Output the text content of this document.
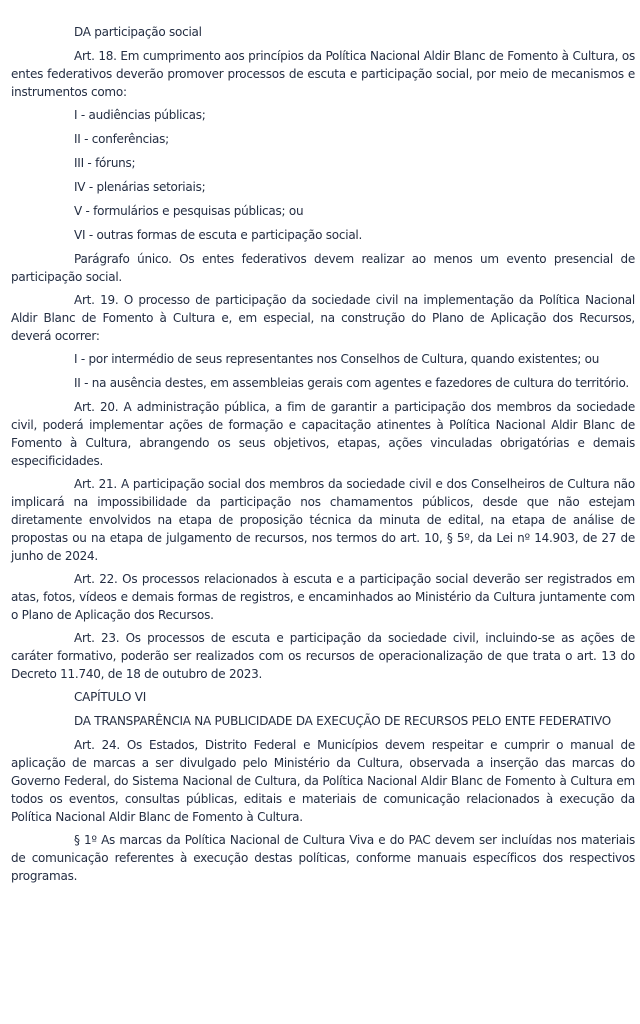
DA participação social

Art. 18. Em cumprimento aos princípios da Política Nacional Aldir Blanc de Fomento à Cultura, os entes federativos deverão promover processos de escuta e participação social, por meio de mecanismos e instrumentos como:

I - audiências públicas;

II - conferências;

III - fóruns;

IV - plenárias setoriais;

V - formulários e pesquisas públicas; ou

VI - outras formas de escuta e participação social.

Parágrafo único. Os entes federativos devem realizar ao menos um evento presencial de participação social.

Art. 19. O processo de participação da sociedade civil na implementação da Política Nacional Aldir Blanc de Fomento à Cultura e, em especial, na construção do Plano de Aplicação dos Recursos, deverá ocorrer:

I - por intermédio de seus representantes nos Conselhos de Cultura, quando existentes; ou

II - na ausência destes, em assembleias gerais com agentes e fazedores de cultura do território.

Art. 20. A administração pública, a fim de garantir a participação dos membros da sociedade civil, poderá implementar ações de formação e capacitação atinentes à Política Nacional Aldir Blanc de Fomento à Cultura, abrangendo os seus objetivos, etapas, ações vinculadas obrigatórias e demais especificidades.

Art. 21. A participação social dos membros da sociedade civil e dos Conselheiros de Cultura não implicará na impossibilidade da participação nos chamamentos públicos, desde que não estejam diretamente envolvidos na etapa de proposição técnica da minuta de edital, na etapa de análise de propostas ou na etapa de julgamento de recursos, nos termos do art. 10, § 5º, da Lei nº 14.903, de 27 de junho de 2024.

Art. 22. Os processos relacionados à escuta e a participação social deverão ser registrados em atas, fotos, vídeos e demais formas de registros, e encaminhados ao Ministério da Cultura juntamente com o Plano de Aplicação dos Recursos.

Art. 23. Os processos de escuta e participação da sociedade civil, incluindo-se as ações de caráter formativo, poderão ser realizados com os recursos de operacionalização de que trata o art. 13 do Decreto 11.740, de 18 de outubro de 2023.

CAPÍTULO VI

DA TRANSPARÊNCIA NA PUBLICIDADE DA EXECUÇÃO DE RECURSOS PELO ENTE FEDERATIVO

Art. 24. Os Estados, Distrito Federal e Municípios devem respeitar e cumprir o manual de aplicação de marcas a ser divulgado pelo Ministério da Cultura, observada a inserção das marcas do Governo Federal, do Sistema Nacional de Cultura, da Política Nacional Aldir Blanc de Fomento à Cultura em todos os eventos, consultas públicas, editais e materiais de comunicação relacionados à execução da Política Nacional Aldir Blanc de Fomento à Cultura.

§ 1º As marcas da Política Nacional de Cultura Viva e do PAC devem ser incluídas nos materiais de comunicação referentes à execução destas políticas, conforme manuais específicos dos respectivos programas.
